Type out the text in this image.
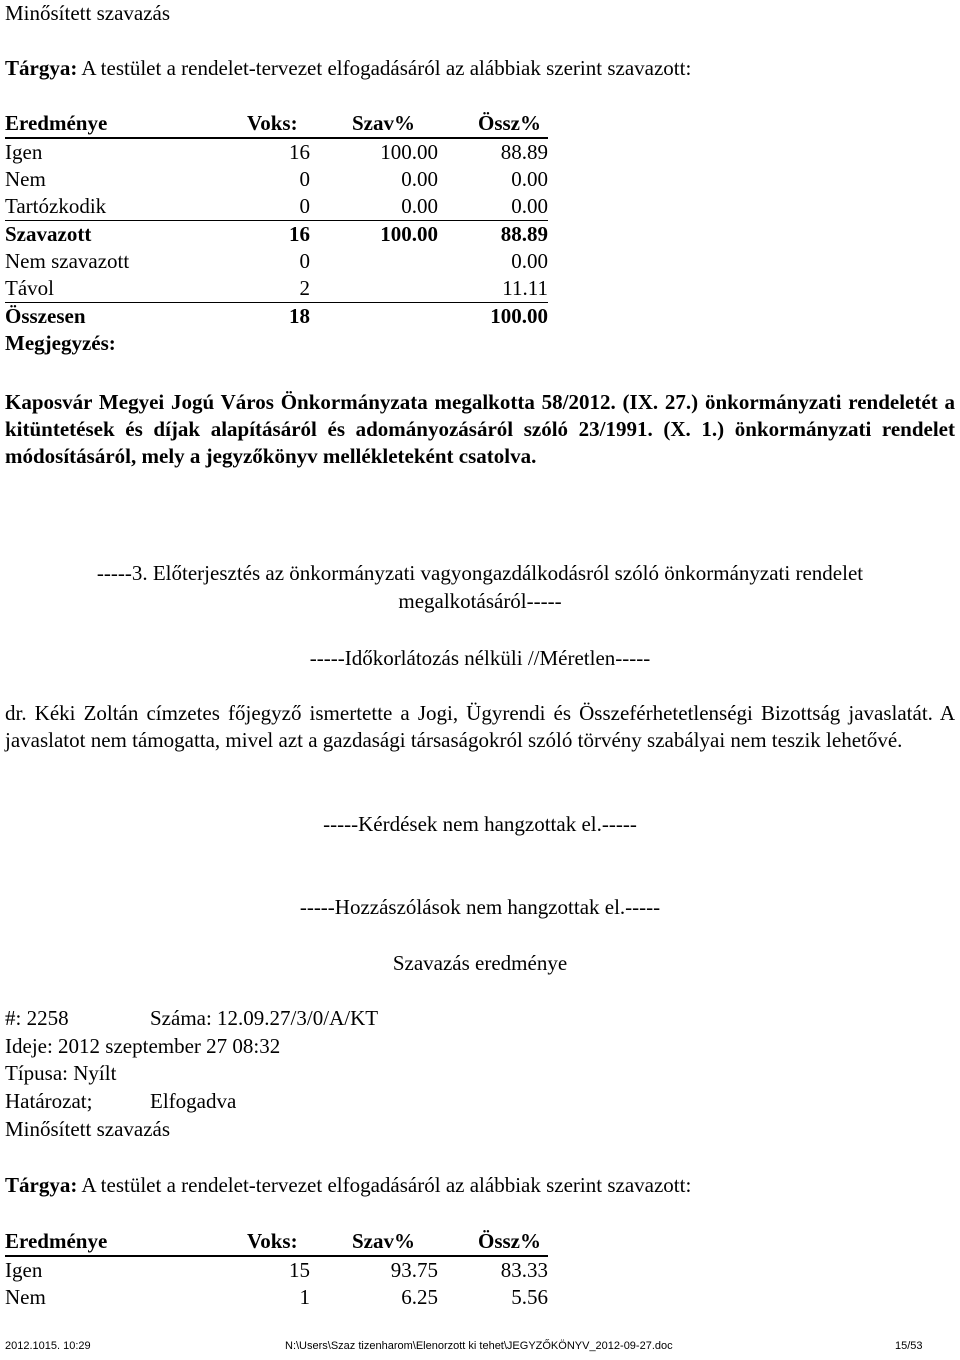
Minősített szavazás
Tárgya: A testület a rendelet-tervezet elfogadásáról az alábbiak szerint szavazott:
Eredménye	Voks:	Szav%	Össz%
Igen	16	100.00	88.89
Nem	0	0.00	0.00
Tartózkodik	0	0.00	0.00
Szavazott	16	100.00	88.89
Nem szavazott	0		0.00
Távol	2		11.11
Összesen	18		100.00
Megjegyzés:
Kaposvár Megyei Jogú Város Önkormányzata megalkotta 58/2012. (IX. 27.) önkormányzati rendeletét a kitüntetések és díjak alapításáról és adományozásáról szóló 23/1991. (X. 1.) önkormányzati rendelet módosításáról, mely a jegyzőkönyv mellékleteként csatolva.
-----3. Előterjesztés az önkormányzati vagyongazdálkodásról szóló önkormányzati rendelet
megalkotásáról-----
-----Időkorlátozás nélküli //Méretlen-----
dr. Kéki Zoltán címzetes főjegyző ismertette a Jogi, Ügyrendi és Összeférhetetlenségi Bizottság javaslatát. A javaslatot nem támogatta, mivel azt a gazdasági társaságokról szóló törvény szabályai nem teszik lehetővé.
-----Kérdések nem hangzottak el.-----
-----Hozzászólások nem hangzottak el.-----
Szavazás eredménye
#: 2258	Száma: 12.09.27/3/0/A/KT
Ideje: 2012 szeptember 27 08:32
Típusa: Nyílt
Határozat;	Elfogadva
Minősített szavazás
Tárgya: A testület a rendelet-tervezet elfogadásáról az alábbiak szerint szavazott:
Eredménye	Voks:	Szav%	Össz%
Igen	15	93.75	83.33
Nem	1	6.25	5.56
2012.1015. 10:29	N:\Users\Szaz tizenharom\Elenorzott ki tehet\JEGYZŐKÖNYV_2012-09-27.doc	15/53
